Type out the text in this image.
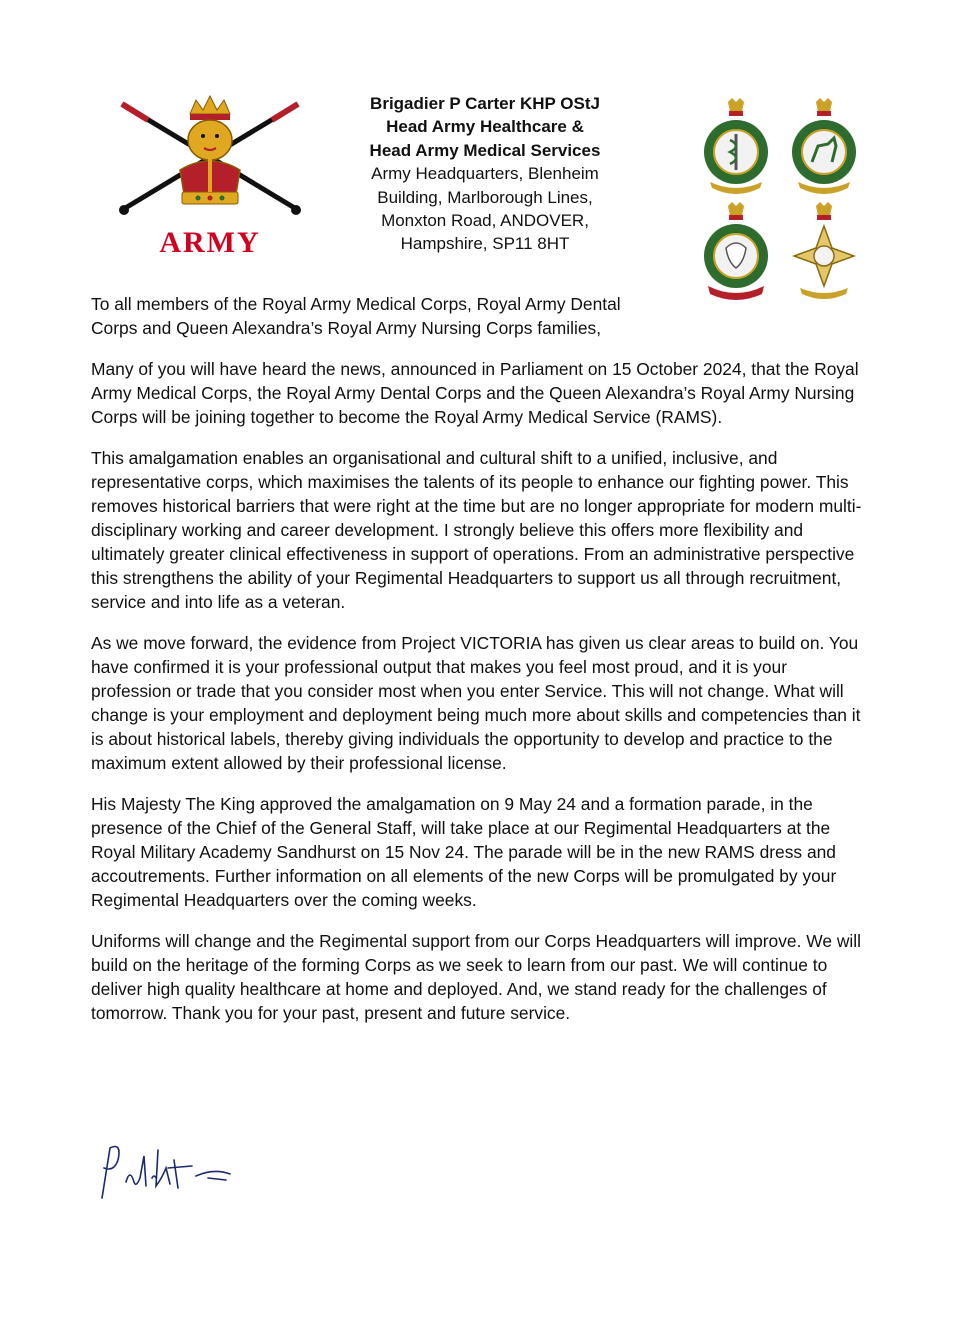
ARMY
Brigadier P Carter KHP OStJ
Head Army Healthcare &
Head Army Medical Services
Army Headquarters, Blenheim
Building, Marlborough Lines,
Monxton Road, ANDOVER,
Hampshire, SP11 8HT

To all members of the Royal Army Medical Corps, Royal Army Dental Corps and Queen Alexandra’s Royal Army Nursing Corps families,

Many of you will have heard the news, announced in Parliament on 15 October 2024, that the Royal Army Medical Corps, the Royal Army Dental Corps and the Queen Alexandra’s Royal Army Nursing Corps will be joining together to become the Royal Army Medical Service (RAMS).

This amalgamation enables an organisational and cultural shift to a unified, inclusive, and representative corps, which maximises the talents of its people to enhance our fighting power. This removes historical barriers that were right at the time but are no longer appropriate for modern multi-disciplinary working and career development. I strongly believe this offers more flexibility and ultimately greater clinical effectiveness in support of operations. From an administrative perspective this strengthens the ability of your Regimental Headquarters to support us all through recruitment, service and into life as a veteran.

As we move forward, the evidence from Project VICTORIA has given us clear areas to build on. You have confirmed it is your professional output that makes you feel most proud, and it is your profession or trade that you consider most when you enter Service. This will not change. What will change is your employment and deployment being much more about skills and competencies than it is about historical labels, thereby giving individuals the opportunity to develop and practice to the maximum extent allowed by their professional license.

His Majesty The King approved the amalgamation on 9 May 24 and a formation parade, in the presence of the Chief of the General Staff, will take place at our Regimental Headquarters at the Royal Military Academy Sandhurst on 15 Nov 24. The parade will be in the new RAMS dress and accoutrements. Further information on all elements of the new Corps will be promulgated by your Regimental Headquarters over the coming weeks.

Uniforms will change and the Regimental support from our Corps Headquarters will improve. We will build on the heritage of the forming Corps as we seek to learn from our past. We will continue to deliver high quality healthcare at home and deployed. And, we stand ready for the challenges of tomorrow. Thank you for your past, present and future service.
